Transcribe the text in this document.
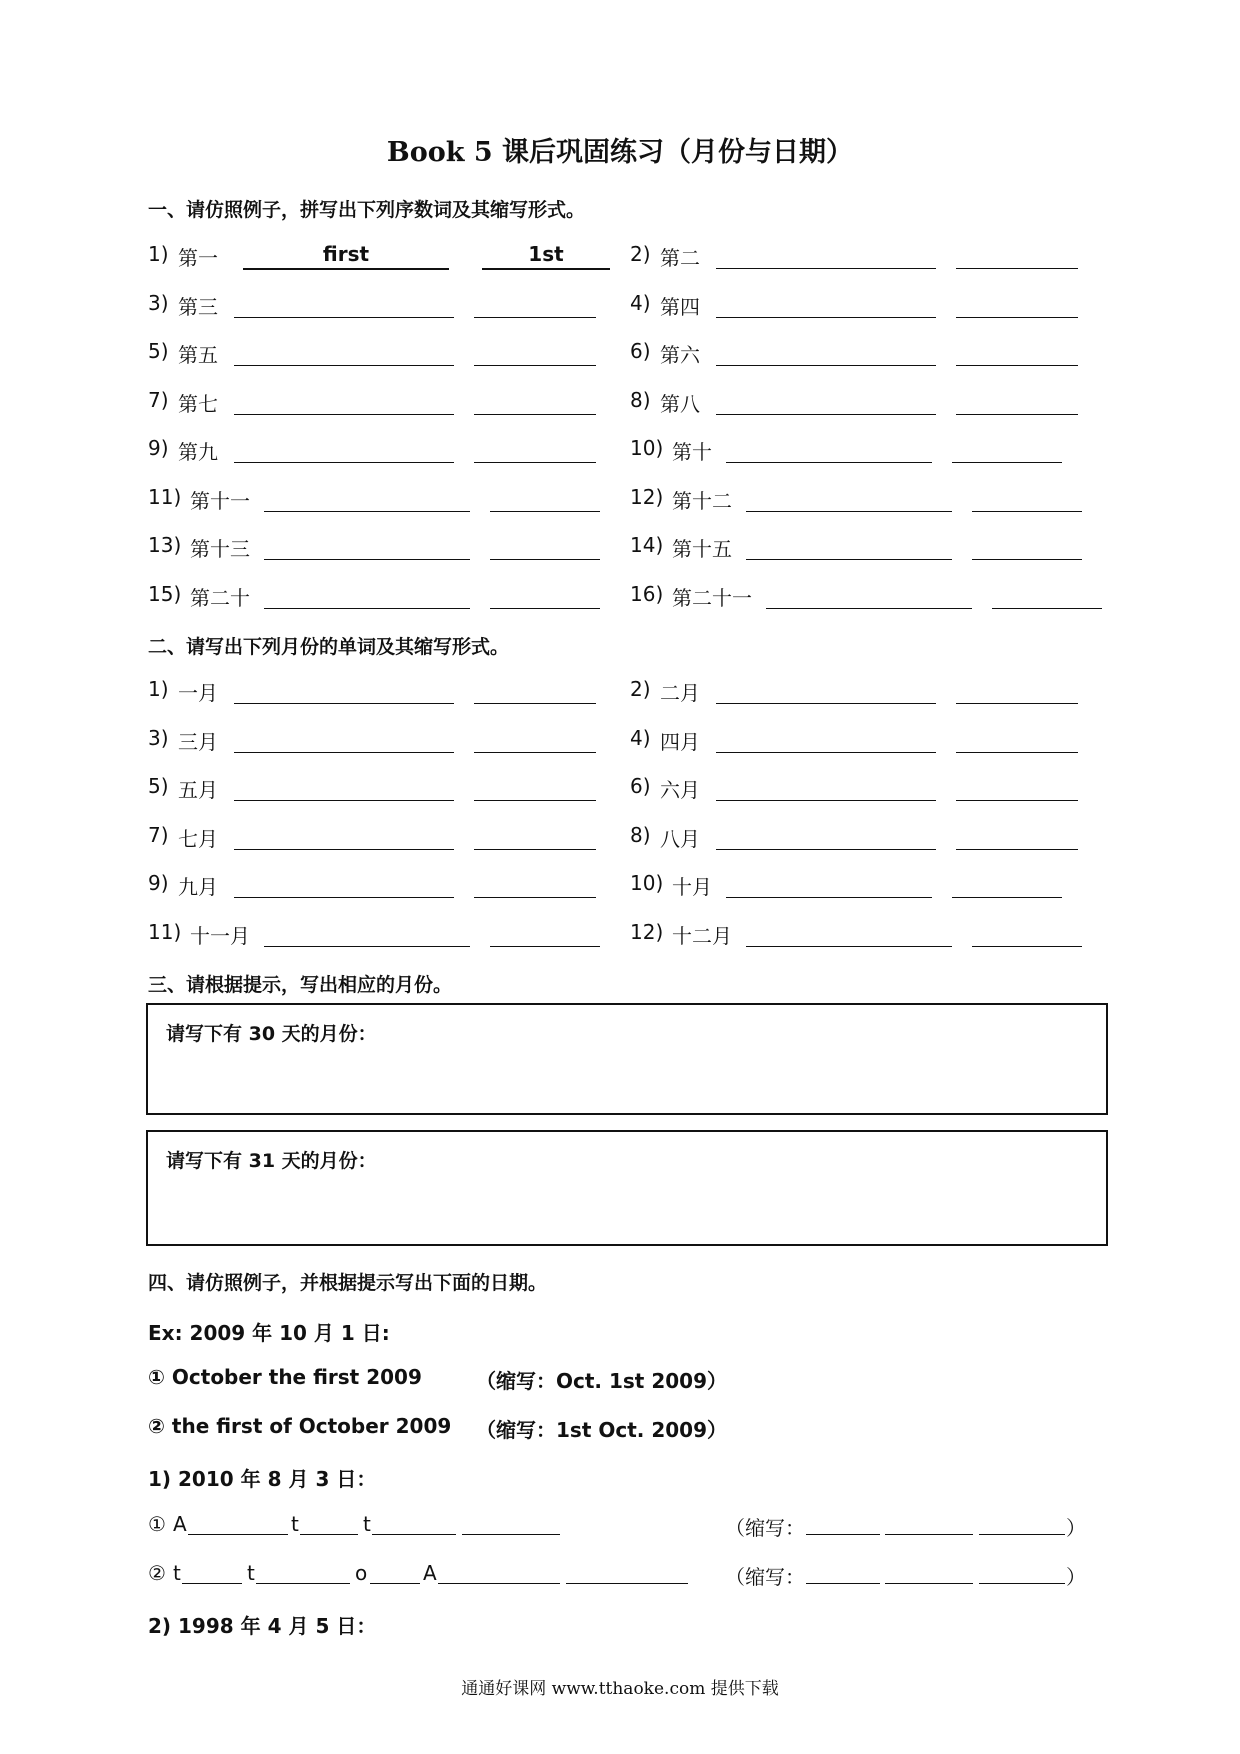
Book 5 课后巩固练习（月份与日期）
一、请仿照例子，拼写出下列序数词及其缩写形式。
1) 第一	first	1st	2) 第二
3) 第三	4) 第四
5) 第五	6) 第六
7) 第七	8) 第八
9) 第九	10) 第十
11) 第十一	12) 第十二
13) 第十三	14) 第十五
15) 第二十	16) 第二十一
二、请写出下列月份的单词及其缩写形式。
1) 一月	2) 二月
3) 三月	4) 四月
5) 五月	6) 六月
7) 七月	8) 八月
9) 九月	10) 十月
11) 十一月	12) 十二月
三、请根据提示，写出相应的月份。
请写下有 30 天的月份：
请写下有 31 天的月份：
四、请仿照例子，并根据提示写出下面的日期。
Ex: 2009 年 10 月 1 日:
① October the first 2009	（缩写：Oct. 1st 2009）
② the first of October 2009 （缩写：1st Oct. 2009）
1) 2010 年 8 月 3 日：
① A	t	t	（缩写：	）
② t	t	o	A	（缩写：	）
2) 1998 年 4 月 5 日：
通通好课网 www.tthaoke.com 提供下载
